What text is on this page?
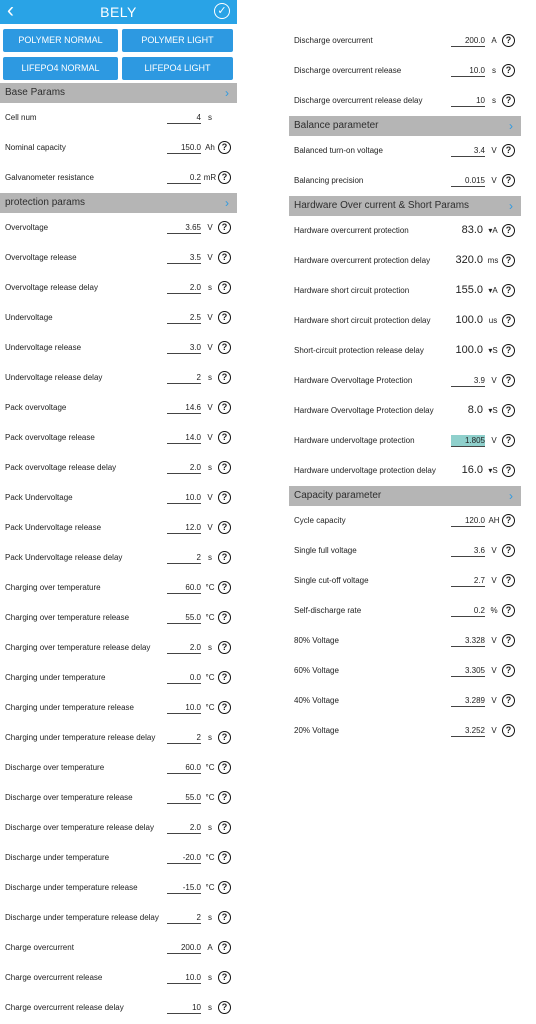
‹	BELY	✓
POLYMER NORMAL	POLYMER LIGHT
LIFEPO4 NORMAL	LIFEPO4 LIGHT
Base Params	›
Cell num	4 s
Nominal capacity	150.0 Ah ?
Galvanometer resistance	0.2 mR ?
protection params	›
Overvoltage	3.65 V	?
Overvoltage release	3.5 V	?
Overvoltage release delay	2.0 s	?
Undervoltage	2.5 V	?
Undervoltage release	3.0 V	?
Undervoltage release delay	2 s	?
Pack overvoltage	14.6 V	?
Pack overvoltage release	14.0 V	?
Pack overvoltage release delay	2.0 s	?
Pack Undervoltage	10.0 V	?
Pack Undervoltage release	12.0 V	?
Pack Undervoltage release delay	2 s	?
Charging over temperature	60.0 °C ?
Charging over temperature release	55.0 °C ?
Charging over temperature release delay	2.0 s	?
Charging under temperature	0.0 °C ?
Charging under temperature release	10.0 °C ?
Charging under temperature release delay	2 s	?
Discharge over temperature	60.0 °C ?
Discharge over temperature release	55.0 °C ?
Discharge over temperature release delay	2.0 s	?
Discharge under temperature	-20.0 °C ?
Discharge under temperature release	-15.0 °C ?
Discharge under temperature release delay	2 s	?
Charge overcurrent	200.0 A	?
Charge overcurrent release	10.0 s	?
Charge overcurrent release delay	10 s	?
Discharge overcurrent	200.0 A	?
Discharge overcurrent release	10.0 s	?
Discharge overcurrent release delay	10 s	?
Balance parameter	›
Balanced turn-on voltage	3.4 V	?
Balancing precision	0.015 V	?
Hardware Over current & Short Params	›
Hardware overcurrent protection	83.0 ▾A ?
Hardware overcurrent protection delay 320.0 ms ?
Hardware short circuit protection	155.0 ▾A ?
Hardware short circuit protection delay 100.0 us ?
Short-circuit protection release delay	100.0 ▾S ?
Hardware Overvoltage Protection	3.9 V	?
Hardware Overvoltage Protection delay	8.0 ▾S ?
Hardware undervoltage protection	1.805 V	?
Hardware undervoltage protection delay	16.0 ▾S ?
Capacity parameter	›
Cycle capacity	120.0 AH ?
Single full voltage	3.6 V	?
Single cut-off voltage	2.7 V	?
Self-discharge rate	0.2 % ?
80% Voltage	3.328 V	?
60% Voltage	3.305 V	?
40% Voltage	3.289 V	?
20% Voltage	3.252 V	?
